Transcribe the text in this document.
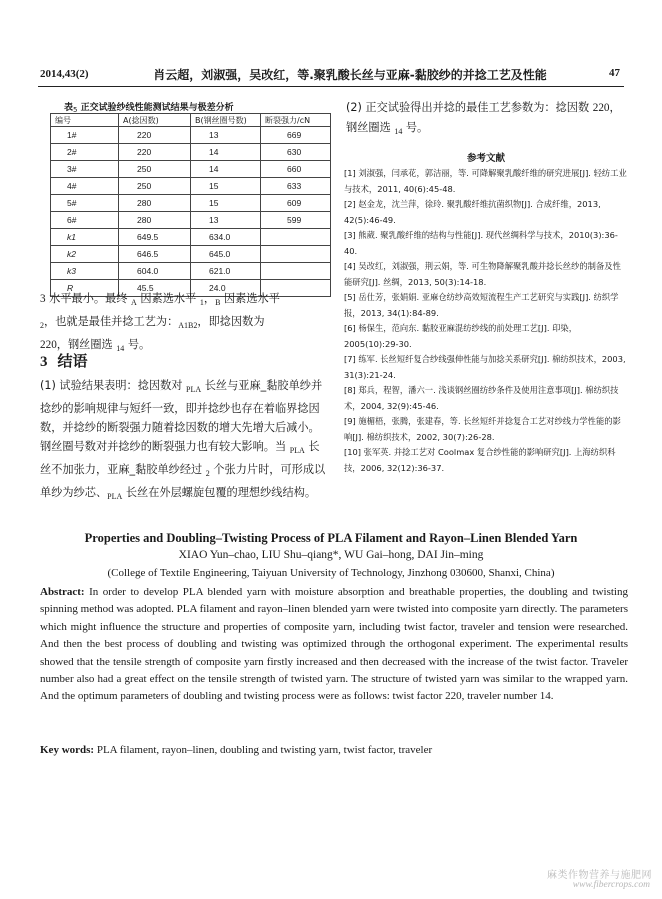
2014,43(2)	肖云超，刘淑强，吴改红，等.聚乳酸长丝与亚麻-黏胶纱的并捻工艺及性能	47
表$_5$ 正交试验纱线性能测试结果与极差分析
编号	A(捻因数)	B(钢丝圈号数)	断裂强力/cN
1#	220	13	669
2#	220	14	630
3#	250	14	660
4#	250	15	633
5#	280	15	609
6#	280	13	599
k1	649.5	634.0	
k2	646.5	645.0	
k3	604.0	621.0	
R	45.5	24.0	
3 水平最小。最终 $_A$ 因素选水平 $_1$，$_B$ 因素选水平
$_2$，也就是最佳并捻工艺为：$_{A1B2}$，即捻因数为
220，钢丝圈选 $_{14}$ 号。
3 结语
(1) 试验结果表明：捻因数对 $_{PLA}$ 长丝与亚麻_黏胶单纱并捻纱的影响规律与短纤一致，即并捻纱也存在着临界捻因数，并捻纱的断裂强力随着捻因数的增大先增大后减小。钢丝圈号数对并捻纱的断裂强力也有较大影响。当 $_{PLA}$ 长丝不加张力，亚麻_黏胶单纱经过 $_2$ 个张力片时，可形成以单纱为纱芯、$_{PLA}$ 长丝在外层螺旋包覆的理想纱线结构。
(2) 正交试验得出并捻的最佳工艺参数为：捻因数 220，钢丝圈选 $_{14}$ 号。
参考文献

[1] 刘淑强，闫承花，郭洁丽，等. 可降解聚乳酸纤维的研究进展[J]. 轻纺工业与技术，2011, 40(6):45-48.

[2] 赵金龙，沈兰萍，徐玲. 聚乳酸纤维抗菌织物[J]. 合成纤维，2013, 42(5):46-49.

[3] 熊葳. 聚乳酸纤维的结构与性能[J]. 现代丝绸科学与技术，2010(3):36-40.

[4] 吴改红，刘淑强，荆云娟，等. 可生物降解聚乳酸并捻长丝纱的制备及性能研究[J]. 丝绸，2013, 50(3):14-18.

[5] 岳仕芳，张娟娟. 亚麻仓纺纱高效短流程生产工艺研究与实践[J]. 纺织学报，2013, 34(1):84-89.

[6] 杨保生，范向东. 黏胶亚麻混纺纱线的前处理工艺[J]. 印染，2005(10):29-30.

[7] 练军. 长丝短纤复合纱线强伸性能与加捻关系研究[J]. 棉纺织技术，2003, 31(3):21-24.

[8] 郑兵，程智，潘六一. 浅谈钢丝圈纺纱条件及使用注意事项[J]. 棉纺织技术，2004, 32(9):45-46.

[9] 施楣梧，张腾，张建春，等. 长丝短纤并捻复合工艺对纱线力学性能的影响[J]. 棉纺织技术，2002, 30(7):26-28.

[10] 张军英. 并捻工艺对 Coolmax 复合纱性能的影响研究[J]. 上海纺织科技，2006, 32(12):36-37.

Properties and Doubling–Twisting Process of PLA Filament and Rayon–Linen Blended Yarn
XIAO Yun–chao, LIU Shu–qiang*, WU Gai–hong, DAI Jin–ming
(College of Textile Engineering, Taiyuan University of Technology, Jinzhong 030600, Shanxi, China)
Abstract: In order to develop PLA blended yarn with moisture absorption and breathable properties, the doubling and twisting spinning method was adopted. PLA filament and rayon–linen blended yarn were twisted into composite yarn directly. The parameters which might influence the structure and properties of composite yarn, including twist factor, traveler and tension were researched. And then the best process of doubling and twisting was optimized through the orthogonal experiment. The experimental results showed that the tensile strength of composite yarn firstly increased and then decreased with the increase of the twist factor. Traveler number also had a great effect on the tensile strength of twisted yarn. The structure of twisted yarn was similar to the wrapped yarn. And the optimum parameters of doubling and twisting process were as follows: twist factor 220, traveler number 14.
Key words: PLA filament, rayon–linen, doubling and twisting yarn, twist factor, traveler
麻类作物营养与施肥网
www.fibercrops.com
